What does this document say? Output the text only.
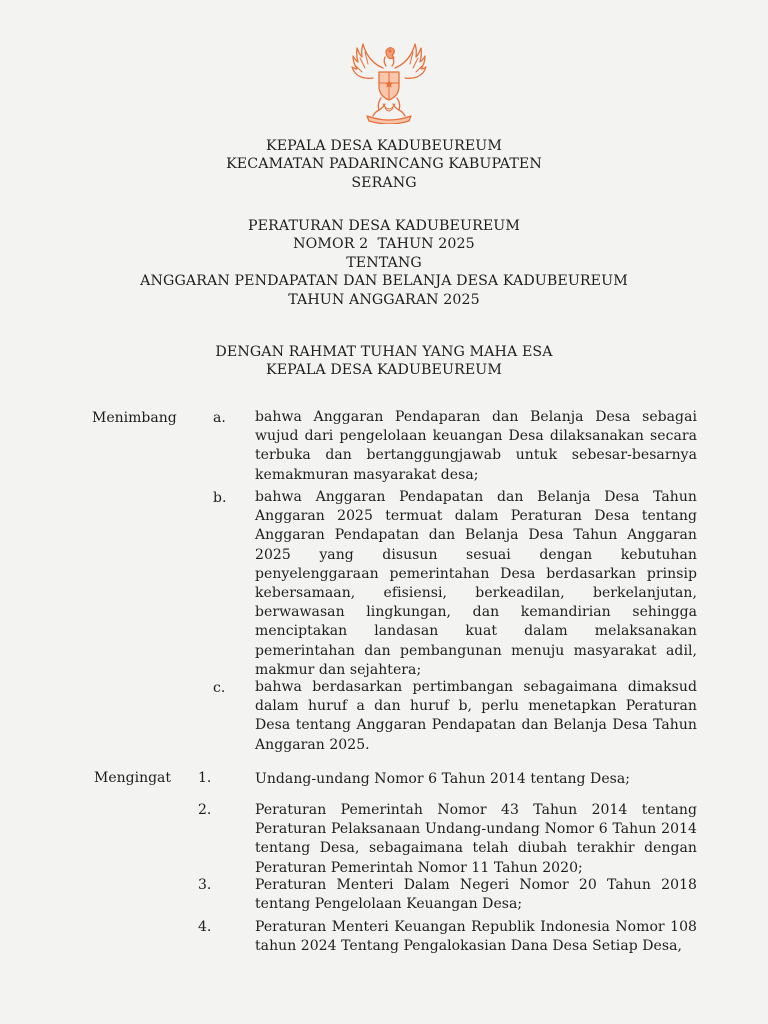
KEPALA DESA KADUBEUREUM
KECAMATAN PADARINCANG KABUPATEN
SERANG
PERATURAN DESA KADUBEUREUM
NOMOR 2  TAHUN 2025
TENTANG
ANGGARAN PENDAPATAN DAN BELANJA DESA KADUBEUREUM
TAHUN ANGGARAN 2025
DENGAN RAHMAT TUHAN YANG MAHA ESA
KEPALA DESA KADUBEUREUM
Menimbang	a. bahwa Anggaran Pendaparan dan Belanja Desa sebagai wujud dari pengelolaan keuangan Desa dilaksanakan secara terbuka dan bertanggungjawab untuk sebesar-besarnya kemakmuran masyarakat desa;
b. bahwa Anggaran Pendapatan dan Belanja Desa Tahun Anggaran 2025 termuat dalam Peraturan Desa tentang Anggaran Pendapatan dan Belanja Desa Tahun Anggaran 2025 yang disusun sesuai dengan kebutuhan penyelenggaraan pemerintahan Desa berdasarkan prinsip kebersamaan, efisiensi, berkeadilan, berkelanjutan, berwawasan lingkungan, dan kemandirian sehingga menciptakan landasan kuat dalam melaksanakan pemerintahan dan pembangunan menuju masyarakat adil, makmur dan sejahtera;
c. bahwa berdasarkan pertimbangan sebagaimana dimaksud dalam huruf a dan huruf b, perlu menetapkan Peraturan Desa tentang Anggaran Pendapatan dan Belanja Desa Tahun Anggaran 2025.
Mengingat 1.	Undang-undang Nomor 6 Tahun 2014 tentang Desa;
2.	Peraturan Pemerintah Nomor 43 Tahun 2014 tentang Peraturan Pelaksanaan Undang-undang Nomor 6 Tahun 2014 tentang Desa, sebagaimana telah diubah terakhir dengan Peraturan Pemerintah Nomor 11 Tahun 2020;
3.	Peraturan Menteri Dalam Negeri Nomor 20 Tahun 2018 tentang Pengelolaan Keuangan Desa;
4.	Peraturan Menteri Keuangan Republik Indonesia Nomor 108 tahun 2024 Tentang Pengalokasian Dana Desa Setiap Desa,
